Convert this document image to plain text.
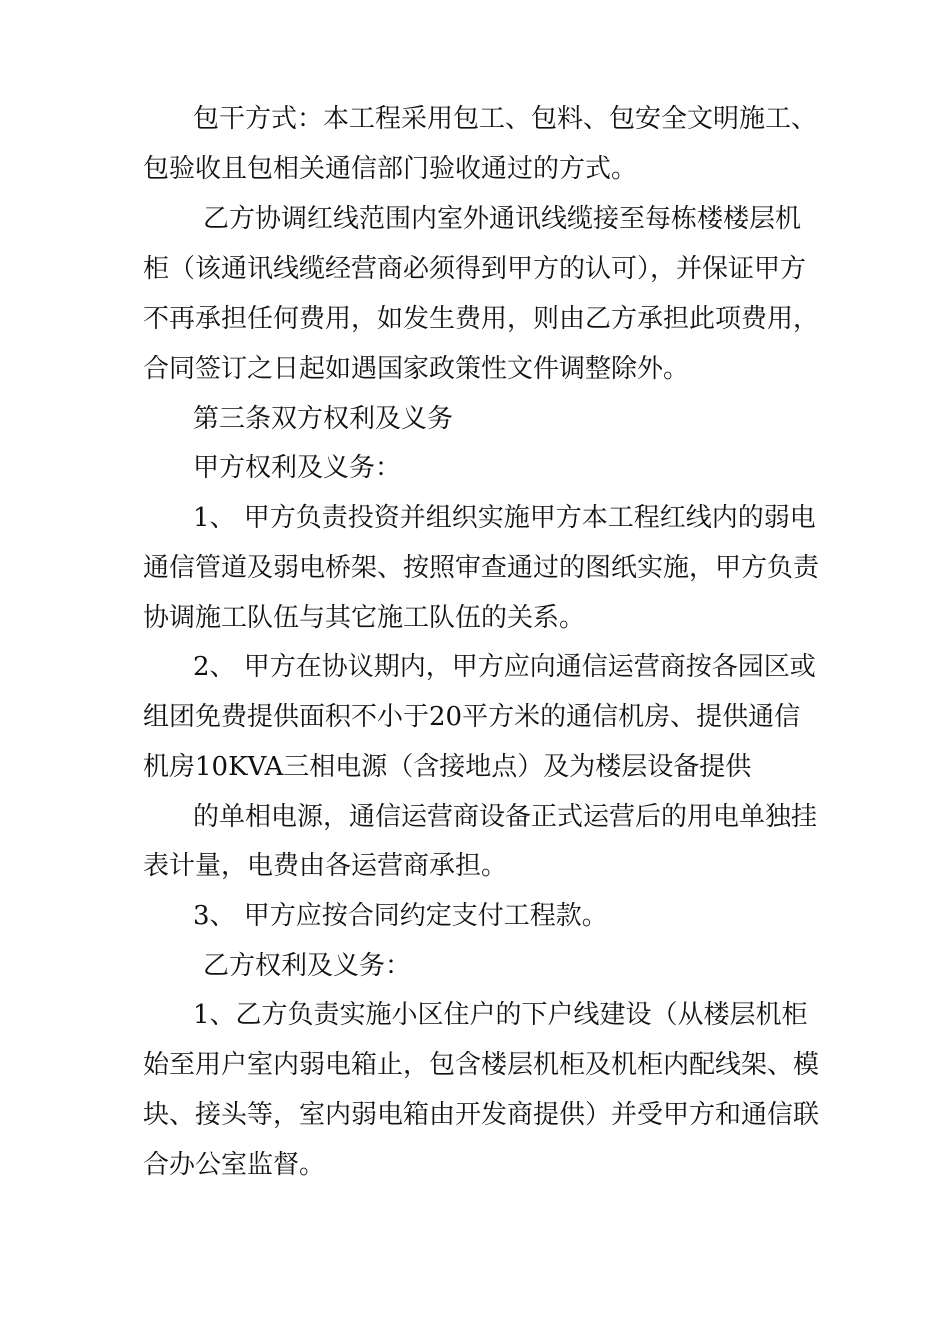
包干方式：本工程采用包工、包料、包安全文明施工、
包验收且包相关通信部门验收通过的方式。
乙方协调红线范围内室外通讯线缆接至每栋楼楼层机
柜（该通讯线缆经营商必须得到甲方的认可），并保证甲方
不再承担任何费用，如发生费用，则由乙方承担此项费用，
合同签订之日起如遇国家政策性文件调整除外。
第三条双方权利及义务
甲方权利及义务：
1、 甲方负责投资并组织实施甲方本工程红线内的弱电
通信管道及弱电桥架、按照审查通过的图纸实施，甲方负责
协调施工队伍与其它施工队伍的关系。
2、 甲方在协议期内，甲方应向通信运营商按各园区或
组团免费提供面积不小于20平方米的通信机房、提供通信
机房10KVA三相电源（含接地点）及为楼层设备提供
的单相电源，通信运营商设备正式运营后的用电单独挂
表计量，电费由各运营商承担。
3、 甲方应按合同约定支付工程款。
乙方权利及义务：
1、乙方负责实施小区住户的下户线建设（从楼层机柜
始至用户室内弱电箱止，包含楼层机柜及机柜内配线架、模
块、接头等，室内弱电箱由开发商提供）并受甲方和通信联
合办公室监督。
